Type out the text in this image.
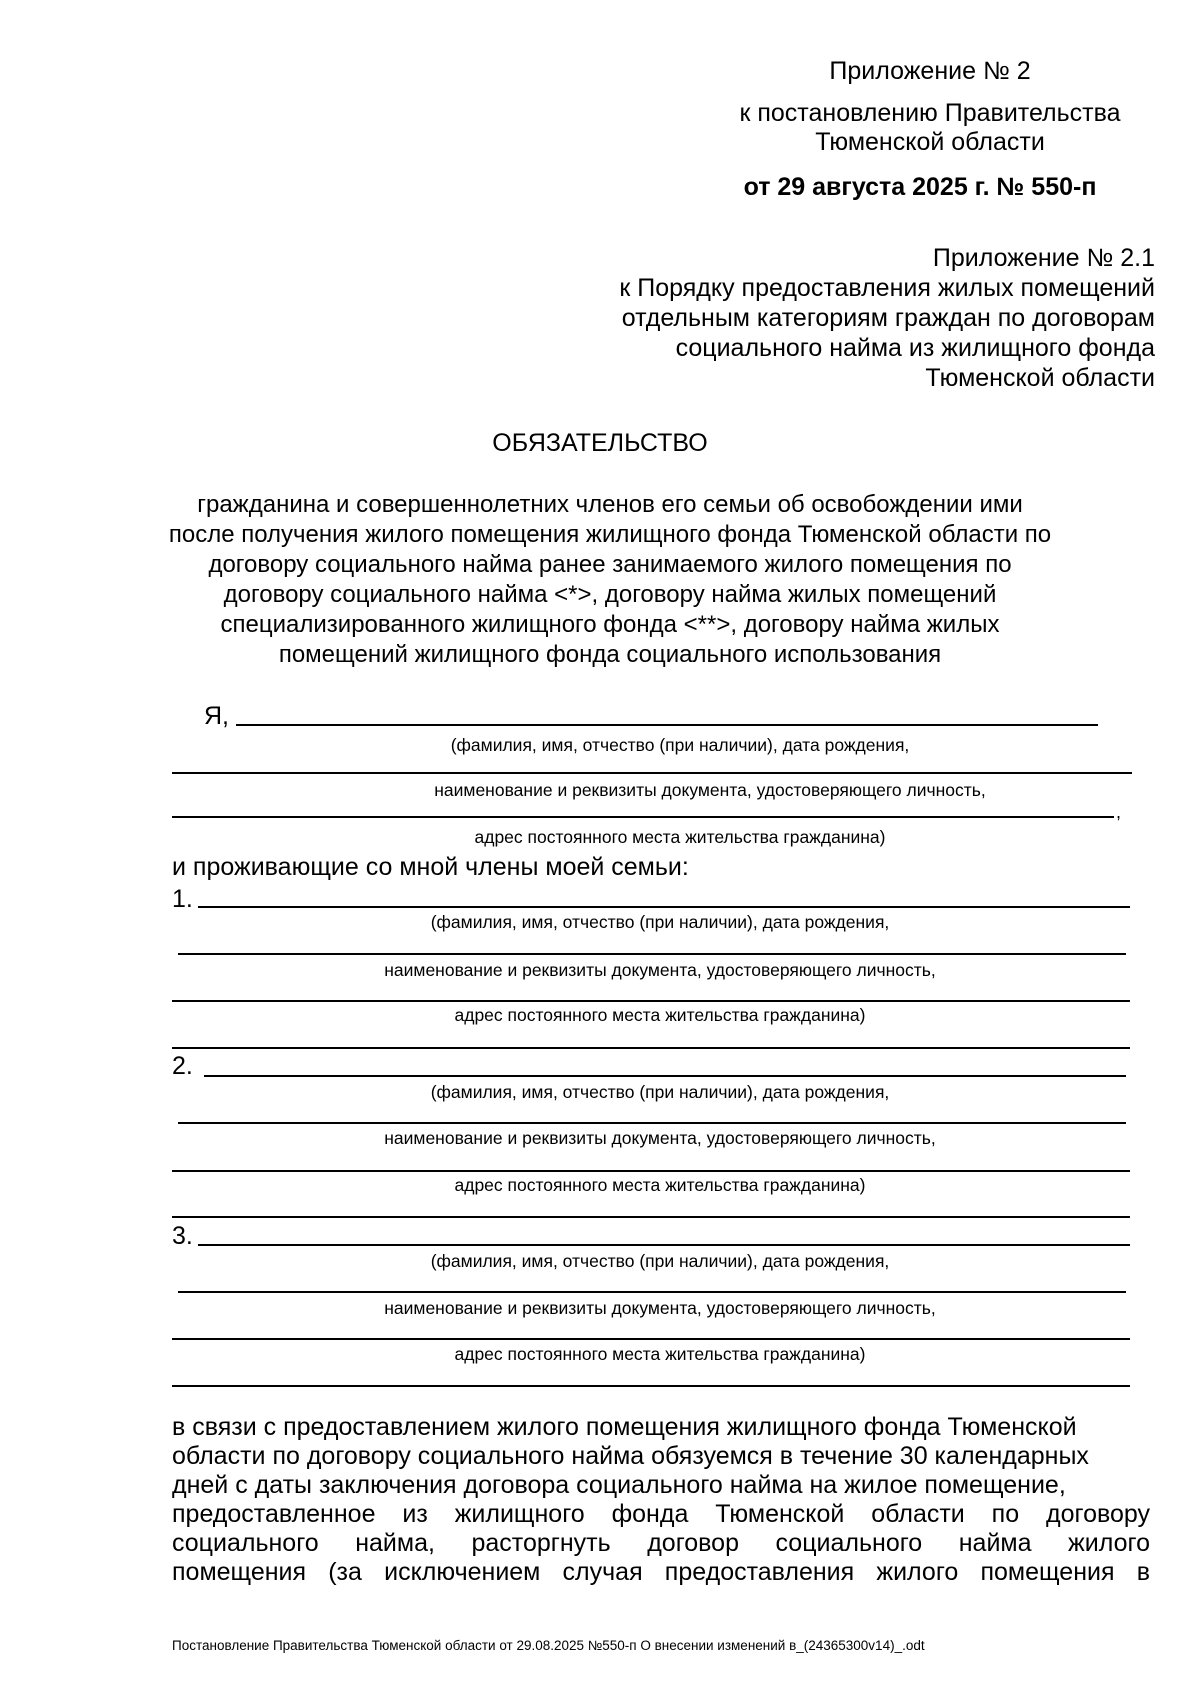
Приложение № 2
к постановлению Правительства
Тюменской области
от 29 августа 2025 г. № 550-п
Приложение № 2.1
к Порядку предоставления жилых помещений
отдельным категориям граждан по договорам
социального найма из жилищного фонда
Тюменской области
ОБЯЗАТЕЛЬСТВО
гражданина и совершеннолетних членов его семьи об освобождении ими
после получения жилого помещения жилищного фонда Тюменской области по
договору социального найма ранее занимаемого жилого помещения по
договору социального найма <*>, договору найма жилых помещений
специализированного жилищного фонда <**>, договору найма жилых
помещений жилищного фонда социального использования
Я,
(фамилия, имя, отчество (при наличии), дата рождения,
наименование и реквизиты документа, удостоверяющего личность,
,
адрес постоянного места жительства гражданина)
и проживающие со мной члены моей семьи:
1.
(фамилия, имя, отчество (при наличии), дата рождения,
наименование и реквизиты документа, удостоверяющего личность,
адрес постоянного места жительства гражданина)
2.
(фамилия, имя, отчество (при наличии), дата рождения,
наименование и реквизиты документа, удостоверяющего личность,
адрес постоянного места жительства гражданина)
3.
(фамилия, имя, отчество (при наличии), дата рождения,
наименование и реквизиты документа, удостоверяющего личность,
адрес постоянного места жительства гражданина)
в связи с предоставлением жилого помещения жилищного фонда Тюменской
области по договору социального найма обязуемся в течение 30 календарных
дней с даты заключения договора социального найма на жилое помещение,
предоставленное из жилищного фонда Тюменской области по договору
социального найма, расторгнуть договор социального найма жилого
помещения (за исключением случая предоставления жилого помещения в
Постановление Правительства Тюменской области от 29.08.2025 №550-п О внесении изменений в_(24365300v14)_.odt
